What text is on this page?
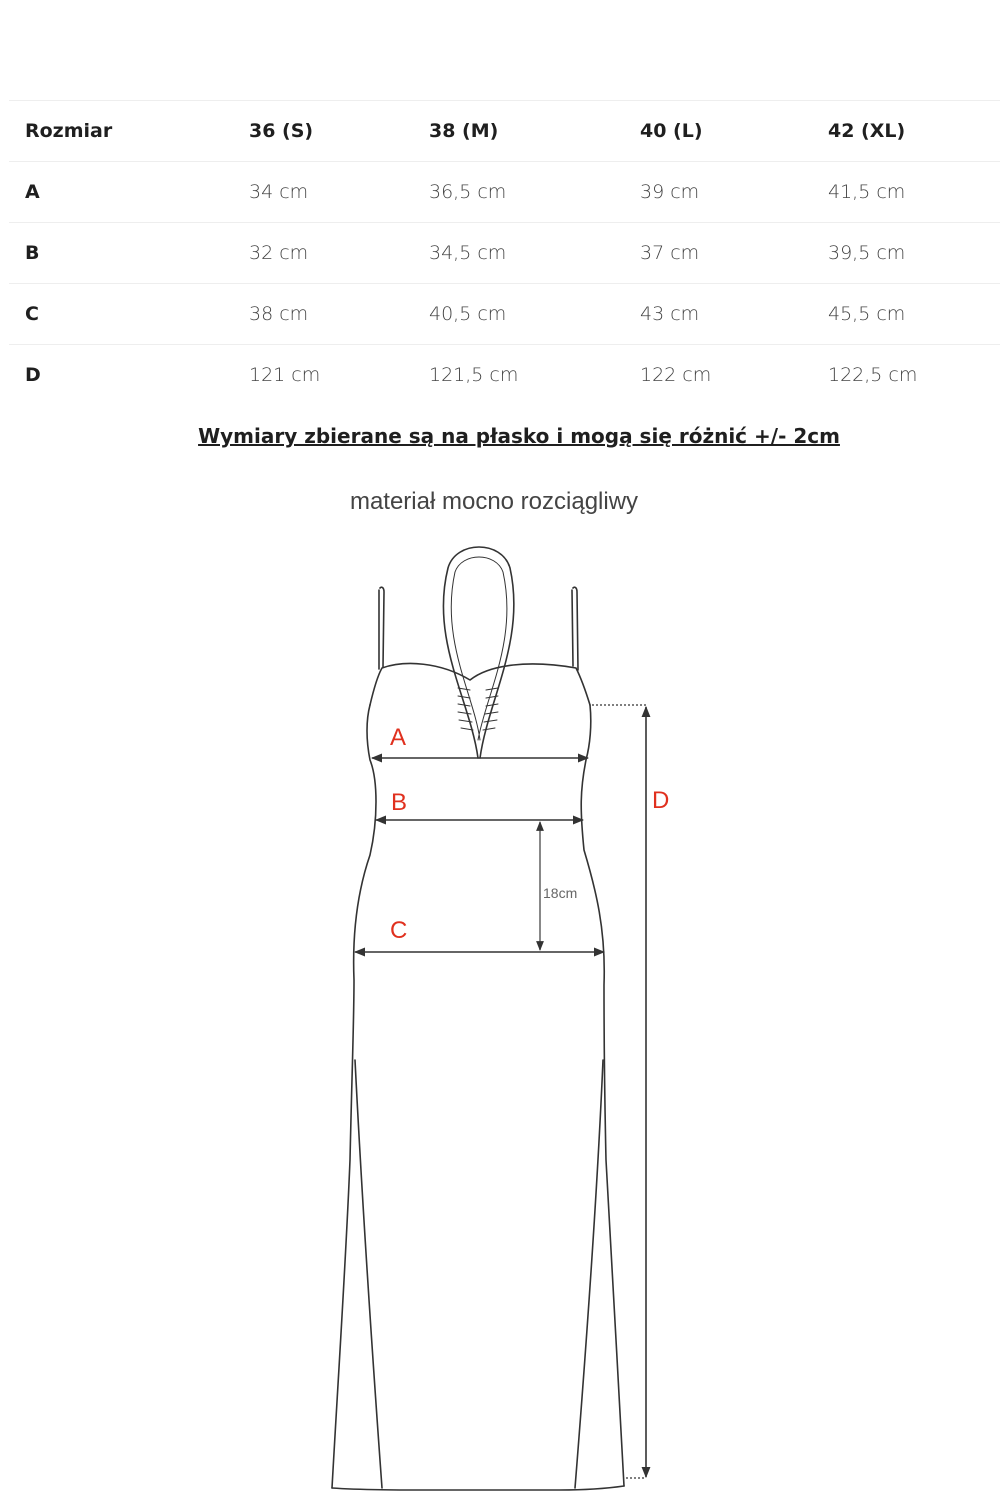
Rozmiar	36 (S)	38 (M)	40 (L)	42 (XL)
A	34 cm	36,5 cm	39 cm	41,5 cm
B	32 cm	34,5 cm	37 cm	39,5 cm
C	38 cm	40,5 cm	43 cm	45,5 cm
D	121 cm	121,5 cm	122 cm	122,5 cm
Wymiary zbierane są na płasko i mogą się różnić +/- 2cm
materiał mocno rozciągliwy
A
B
C
D
18cm
